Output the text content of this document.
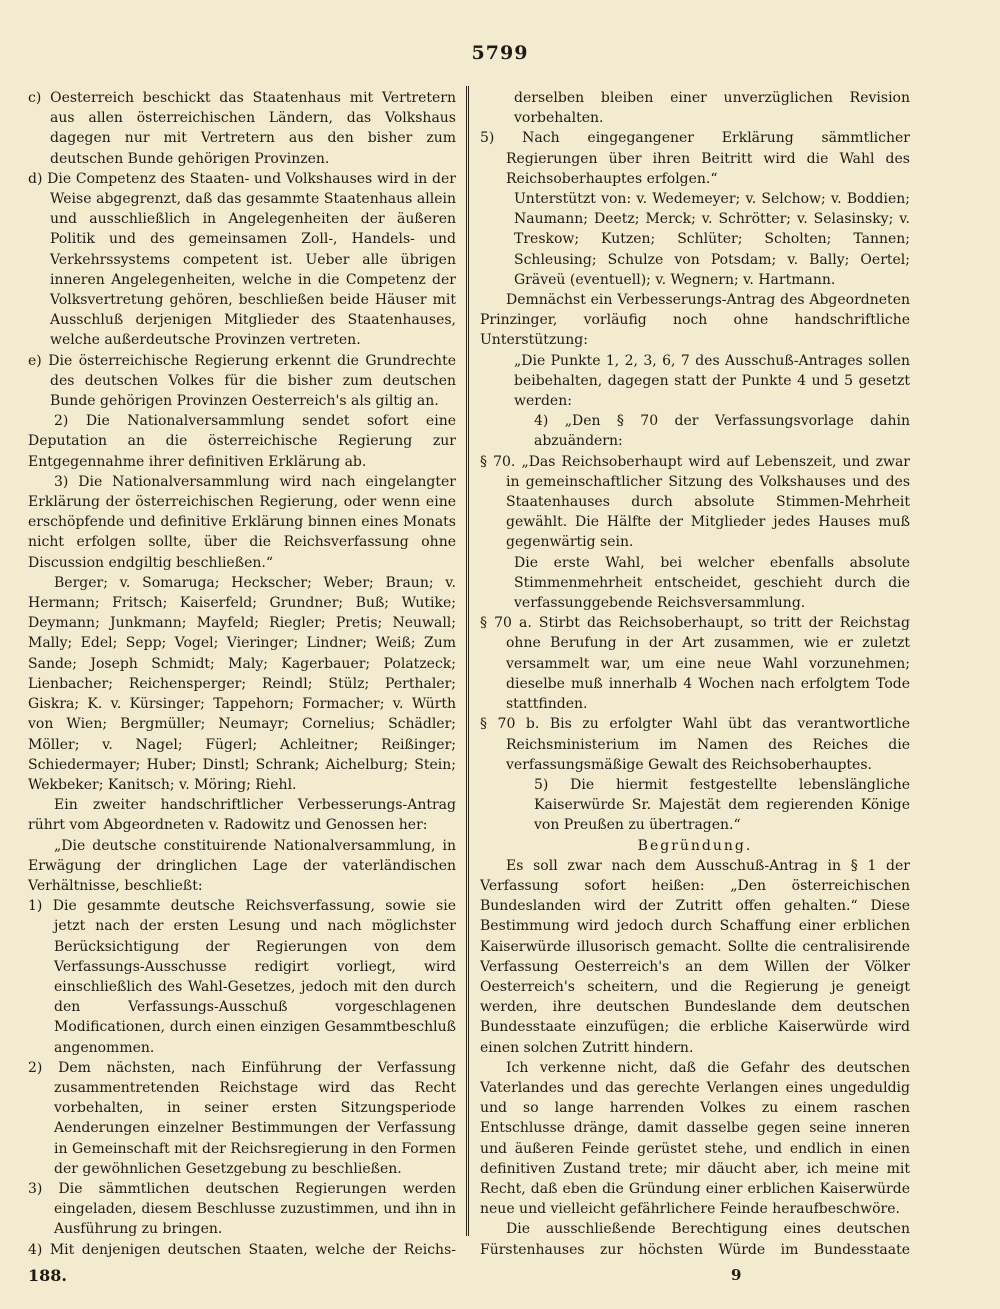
5799

c) Oesterreich beschickt das Staatenhaus mit Vertretern aus allen österreichischen Ländern, das Volkshaus dagegen nur mit Vertretern aus den bisher zum deutschen Bunde gehörigen Provinzen.

d) Die Competenz des Staaten- und Volkshauses wird in der Weise abgegrenzt, daß das gesammte Staatenhaus allein und ausschließlich in Angelegenheiten der äußeren Politik und des gemeinsamen Zoll-, Handels- und Verkehrssystems competent ist. Ueber alle übrigen inneren Angelegenheiten, welche in die Competenz der Volksvertretung gehören, beschließen beide Häuser mit Ausschluß derjenigen Mitglieder des Staatenhauses, welche außerdeutsche Provinzen vertreten.

e) Die österreichische Regierung erkennt die Grundrechte des deutschen Volkes für die bisher zum deutschen Bunde gehörigen Provinzen Oesterreich's als giltig an.

2) Die Nationalversammlung sendet sofort eine Deputation an die österreichische Regierung zur Entgegennahme ihrer definitiven Erklärung ab.

3) Die Nationalversammlung wird nach eingelangter Erklärung der österreichischen Regierung, oder wenn eine erschöpfende und definitive Erklärung binnen eines Monats nicht erfolgen sollte, über die Reichsverfassung ohne Discussion endgiltig beschließen.“

Berger; v. Somaruga; Heckscher; Weber; Braun; v. Hermann; Fritsch; Kaiserfeld; Grundner; Buß; Wutike; Deymann; Junkmann; Mayfeld; Riegler; Pretis; Neuwall; Mally; Edel; Sepp; Vogel; Vieringer; Lindner; Weiß; Zum Sande; Joseph Schmidt; Maly; Kagerbauer; Polatzeck; Lienbacher; Reichensperger; Reindl; Stülz; Perthaler; Giskra; K. v. Kürsinger; Tappehorn; Formacher; v. Würth von Wien; Bergmüller; Neumayr; Cornelius; Schädler; Möller; v. Nagel; Fügerl; Achleitner; Reißinger; Schiedermayer; Huber; Dinstl; Schrank; Aichelburg; Stein; Wekbeker; Kanitsch; v. Möring; Riehl.

Ein zweiter handschriftlicher Verbesserungs-Antrag rührt vom Abgeordneten v. Radowitz und Genossen her:

„Die deutsche constituirende Nationalversammlung, in Erwägung der dringlichen Lage der vaterländischen Verhältnisse, beschließt:

1) Die gesammte deutsche Reichsverfassung, sowie sie jetzt nach der ersten Lesung und nach möglichster Berücksichtigung der Regierungen von dem Verfassungs-Ausschusse redigirt vorliegt, wird einschließlich des Wahl-Gesetzes, jedoch mit den durch den Verfassungs-Ausschuß vorgeschlagenen Modificationen, durch einen einzigen Gesammtbeschluß angenommen.

2) Dem nächsten, nach Einführung der Verfassung zusammentretenden Reichstage wird das Recht vorbehalten, in seiner ersten Sitzungsperiode Aenderungen einzelner Bestimmungen der Verfassung in Gemeinschaft mit der Reichsregierung in den Formen der gewöhnlichen Gesetzgebung zu beschließen.

3) Die sämmtlichen deutschen Regierungen werden eingeladen, diesem Beschlusse zuzustimmen, und ihn in Ausführung zu bringen.

4) Mit denjenigen deutschen Staaten, welche der Reichs-

derselben bleiben einer unverzüglichen Revision vorbehalten.

5) Nach eingegangener Erklärung sämmtlicher Regierungen über ihren Beitritt wird die Wahl des Reichsoberhauptes erfolgen.“

Unterstützt von: v. Wedemeyer; v. Selchow; v. Boddien; Naumann; Deetz; Merck; v. Schrötter; v. Selasinsky; v. Treskow; Kutzen; Schlüter; Scholten; Tannen; Schleusing; Schulze von Potsdam; v. Bally; Oertel; Gräveü (eventuell); v. Wegnern; v. Hartmann.

Demnächst ein Verbesserungs-Antrag des Abgeordneten Prinzinger, vorläufig noch ohne handschriftliche Unterstützung:

„Die Punkte 1, 2, 3, 6, 7 des Ausschuß-Antrages sollen beibehalten, dagegen statt der Punkte 4 und 5 gesetzt werden:

4) „Den § 70 der Verfassungsvorlage dahin abzuändern:

§ 70. „Das Reichsoberhaupt wird auf Lebenszeit, und zwar in gemeinschaftlicher Sitzung des Volkshauses und des Staatenhauses durch absolute Stimmen-Mehrheit gewählt. Die Hälfte der Mitglieder jedes Hauses muß gegenwärtig sein.

Die erste Wahl, bei welcher ebenfalls absolute Stimmenmehrheit entscheidet, geschieht durch die verfassunggebende Reichsversammlung.

§ 70 a. Stirbt das Reichsoberhaupt, so tritt der Reichstag ohne Berufung in der Art zusammen, wie er zuletzt versammelt war, um eine neue Wahl vorzunehmen; dieselbe muß innerhalb 4 Wochen nach erfolgtem Tode stattfinden.

§ 70 b. Bis zu erfolgter Wahl übt das verantwortliche Reichsministerium im Namen des Reiches die verfassungsmäßige Gewalt des Reichsoberhauptes.

5) Die hiermit festgestellte lebenslängliche Kaiserwürde Sr. Majestät dem regierenden Könige von Preußen zu übertragen.“

Begründung.

Es soll zwar nach dem Ausschuß-Antrag in § 1 der Verfassung sofort heißen: „Den österreichischen Bundeslanden wird der Zutritt offen gehalten.“ Diese Bestimmung wird jedoch durch Schaffung einer erblichen Kaiserwürde illusorisch gemacht. Sollte die centralisirende Verfassung Oesterreich's an dem Willen der Völker Oesterreich's scheitern, und die Regierung je geneigt werden, ihre deutschen Bundeslande dem deutschen Bundesstaate einzufügen; die erbliche Kaiserwürde wird einen solchen Zutritt hindern.

Ich verkenne nicht, daß die Gefahr des deutschen Vaterlandes und das gerechte Verlangen eines ungeduldig und so lange harrenden Volkes zu einem raschen Entschlusse dränge, damit dasselbe gegen seine inneren und äußeren Feinde gerüstet stehe, und endlich in einen definitiven Zustand trete; mir däucht aber, ich meine mit Recht, daß eben die Gründung einer erblichen Kaiserwürde neue und vielleicht gefährlichere Feinde heraufbeschwöre.

Die ausschließende Berechtigung eines deutschen Fürstenhauses zur höchsten Würde im Bundesstaate

188.	9
